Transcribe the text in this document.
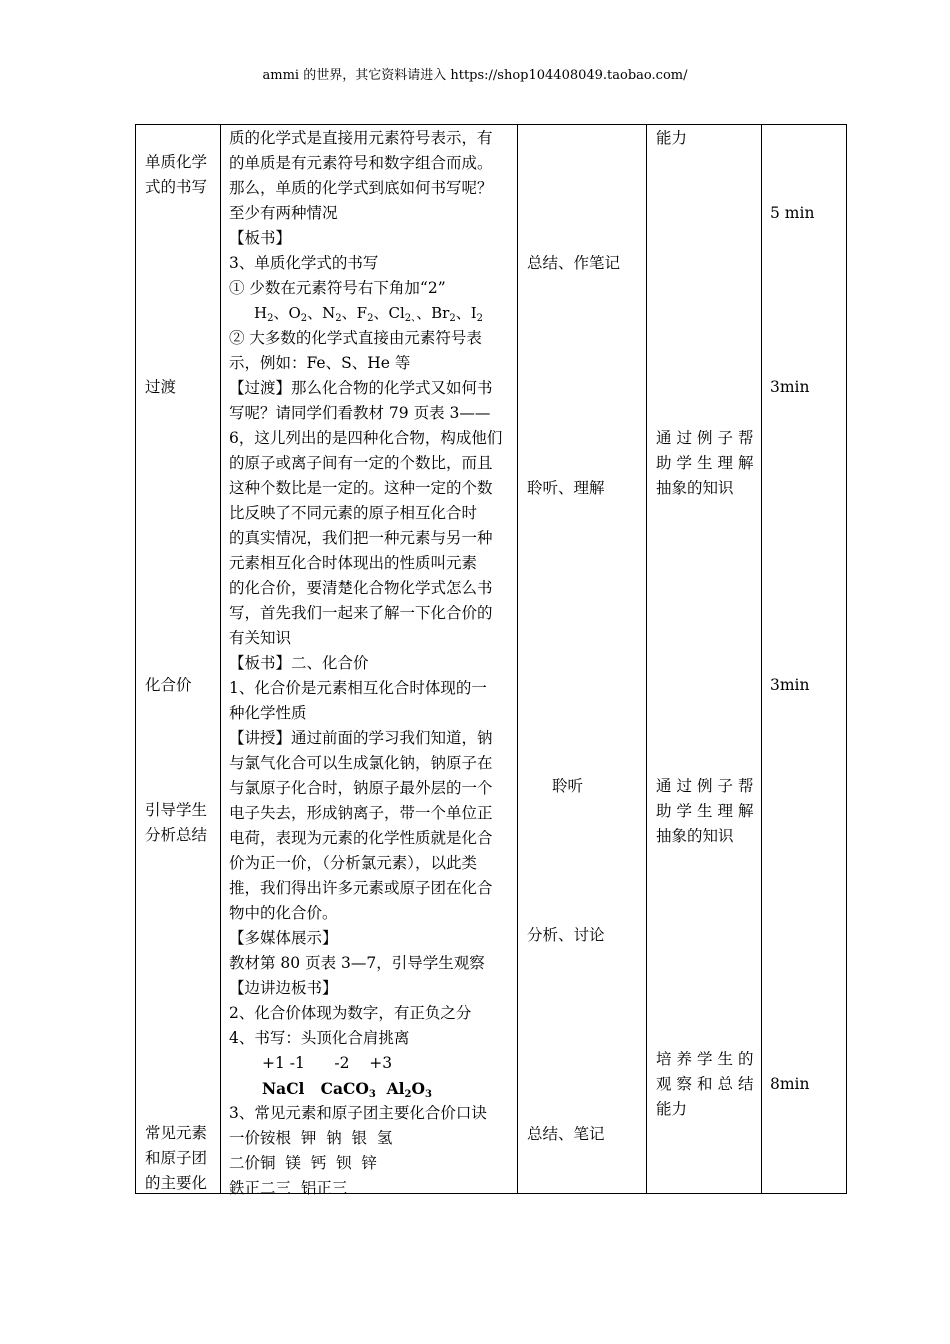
ammi 的世界，其它资料请进入 https://shop104408049.taobao.com/
单质化学
式的书写
过渡
化合价
引导学生
分析总结
常见元素
和原子团
的主要化
质的化学式是直接用元素符号表示，有
的单质是有元素符号和数字组合而成。
那么，单质的化学式到底如何书写呢？
至少有两种情况
【板书】
3、单质化学式的书写
① 少数在元素符号右下角加“2”
$H_2$、$O_2$、$N_2$、$F_2$、$Cl_{2、}$、$Br_2$、$I_2$
② 大多数的化学式直接由元素符号表
示，例如：Fe、S、He 等
【过渡】那么化合物的化学式又如何书
写呢？请同学们看教材 79 页表 3——
6，这儿列出的是四种化合物，构成他们
的原子或离子间有一定的个数比，而且
这种个数比是一定的。这种一定的个数
比反映了不同元素的原子相互化合时
的真实情况，我们把一种元素与另一种
元素相互化合时体现出的性质叫元素
的化合价，要清楚化合物化学式怎么书
写，首先我们一起来了解一下化合价的
有关知识
【板书】二、化合价
1、化合价是元素相互化合时体现的一
种化学性质
【讲授】通过前面的学习我们知道，钠
与氯气化合可以生成氯化钠，钠原子在
与氯原子化合时，钠原子最外层的一个
电子失去，形成钠离子，带一个单位正
电荷，表现为元素的化学性质就是化合
价为正一价，（分析氯元素），以此类
推，我们得出许多元素或原子团在化合
物中的化合价。
【多媒体展示】
教材第 80 页表 3—7，引导学生观察
【边讲边板书】
2、化合价体现为数字，有正负之分
4、书写：头顶化合肩挑离
+1 -1      -2    +3
NaCl CaCO$_3$ $Al_2O_3$
3、常见元素和原子团主要化合价口诀
一价铵根  钾  钠  银  氢
二价铜  镁  钙  钡  锌
鉄正二三  铝正三
总结、作笔记
聆听、理解
聆听
分析、讨论
总结、笔记
能力
通过例子帮
助学生理解
抽象的知识
通过例子帮
助学生理解
抽象的知识
培养学生的
观察和总结
能力
5 min
3min
3min
8min
